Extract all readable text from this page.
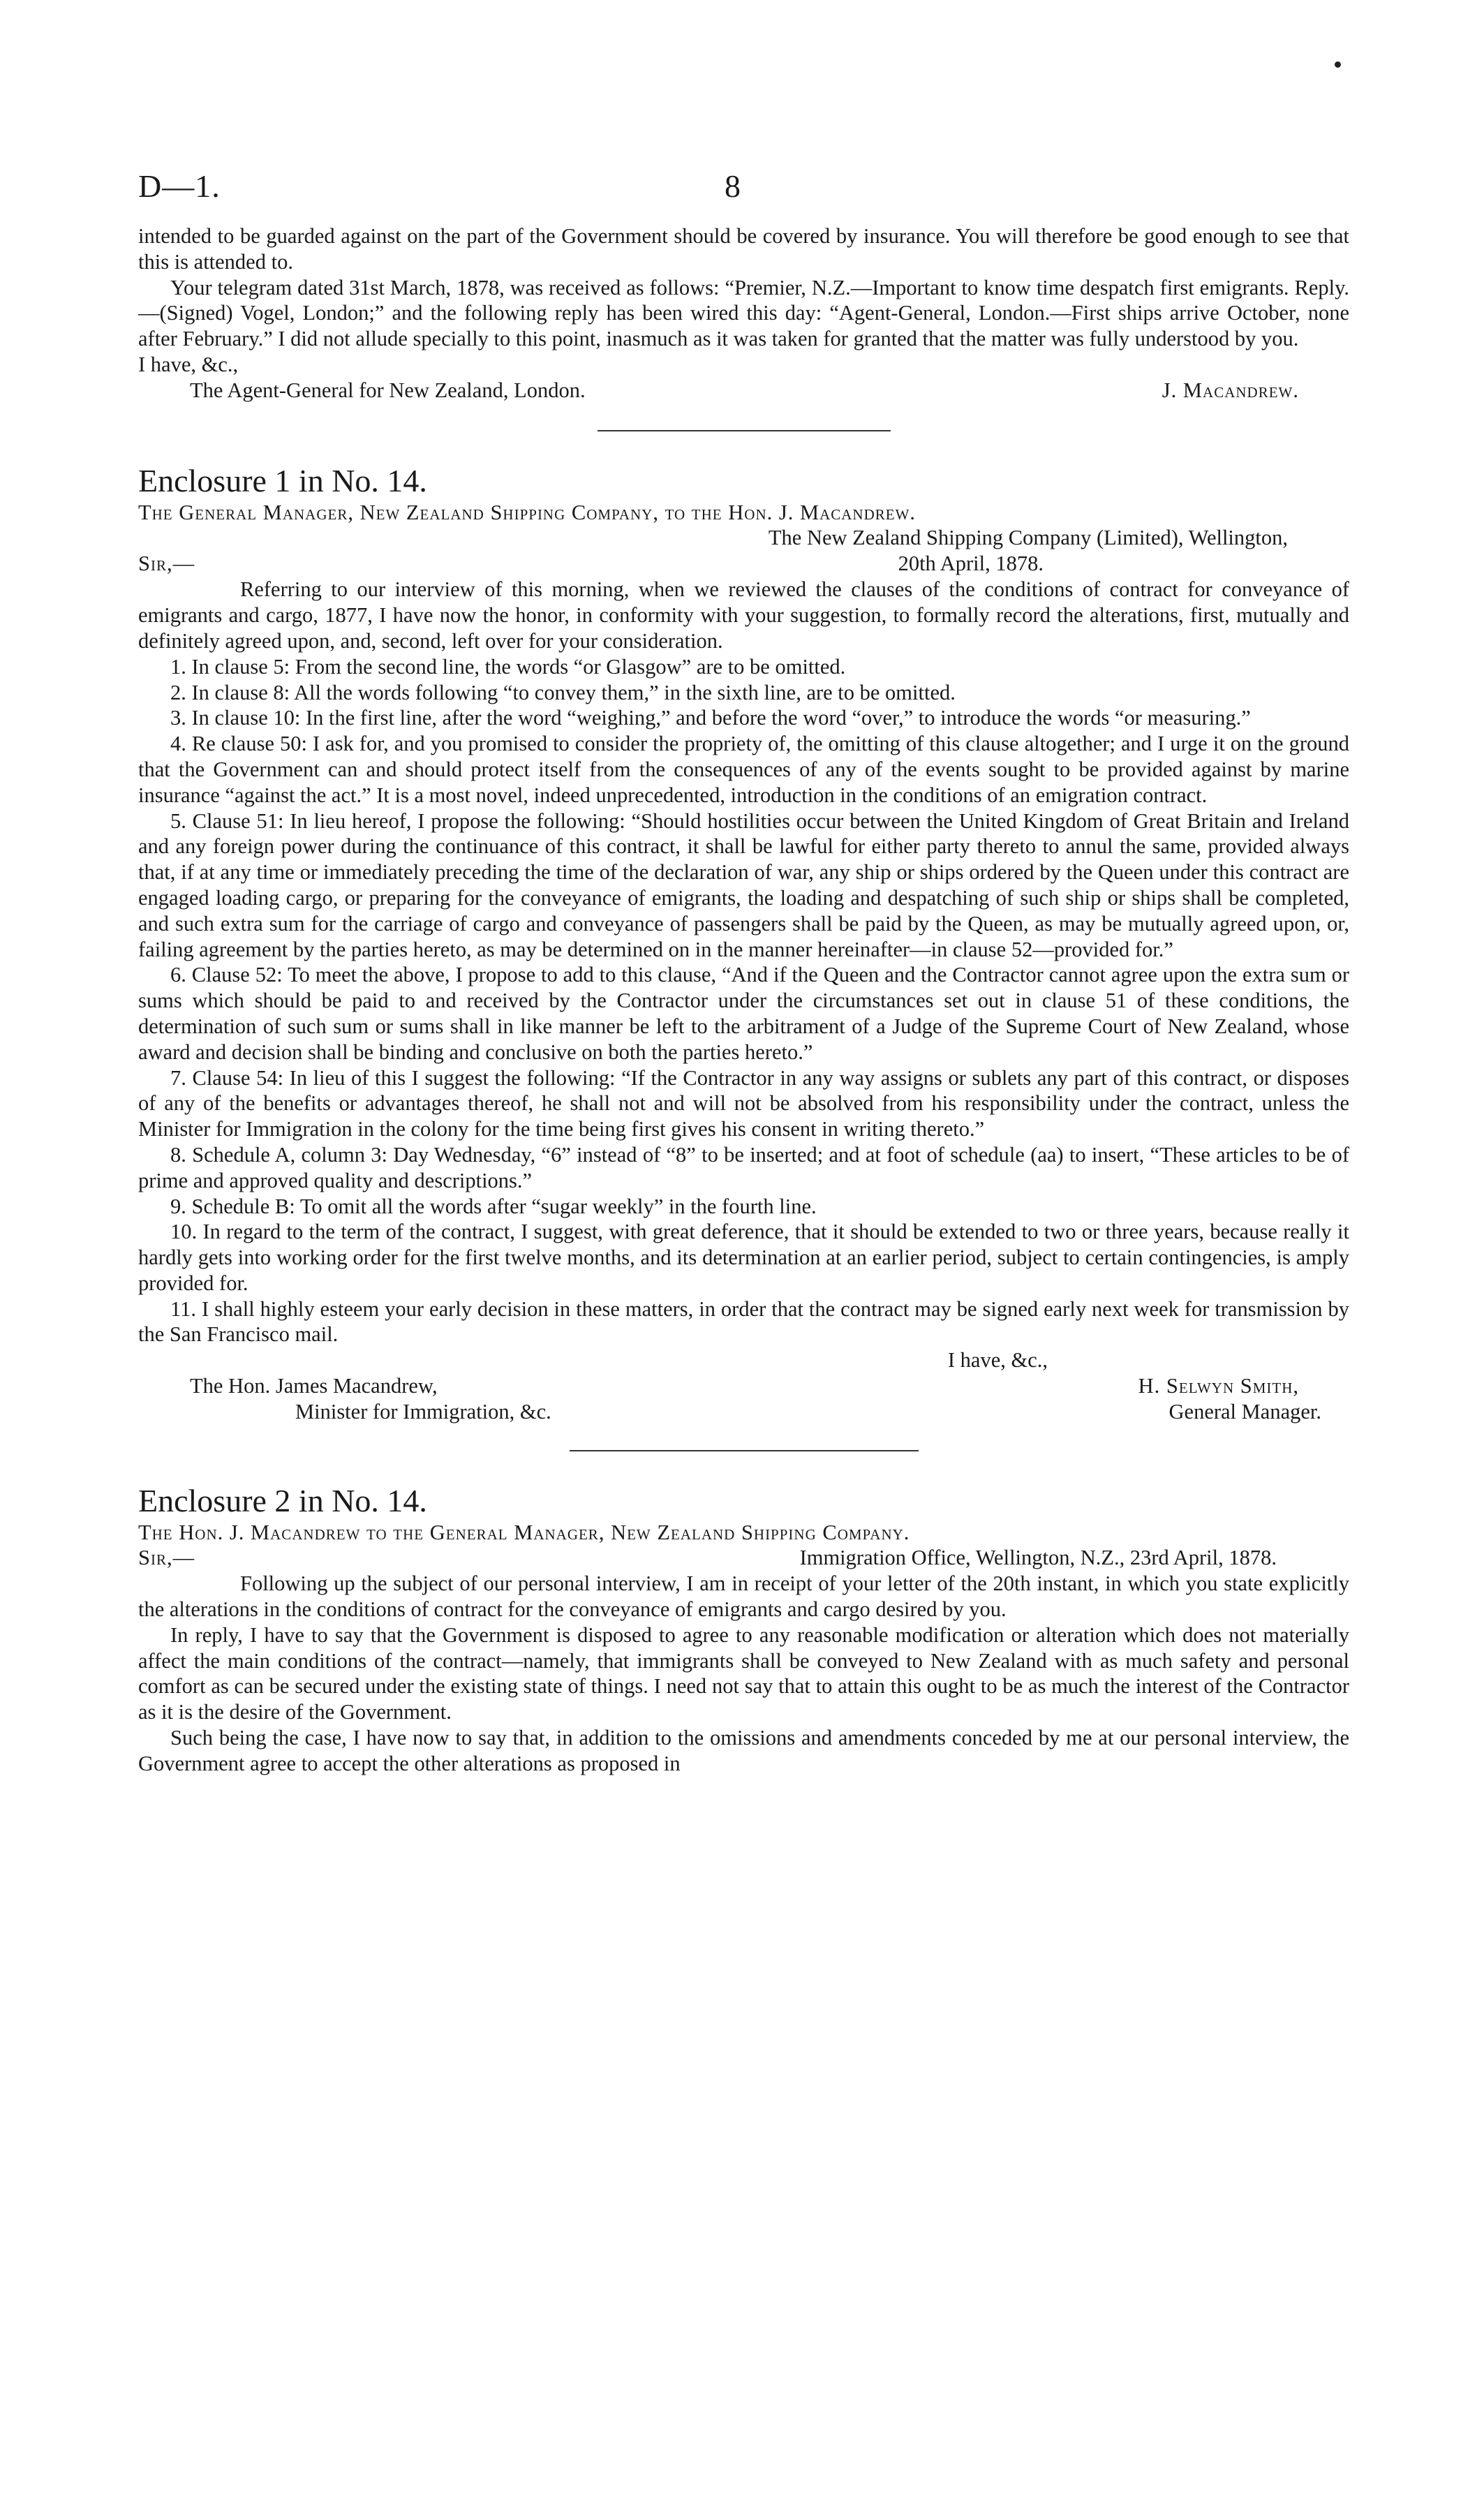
D—1.	8

intended to be guarded against on the part of the Government should be covered by insurance. You will therefore be good enough to see that this is attended to.

Your telegram dated 31st March, 1878, was received as follows: “Premier, N.Z.—Important to know time despatch first emigrants. Reply.—(Signed) Vogel, London;” and the following reply has been wired this day: “Agent-General, London.—First ships arrive October, none after February.” I did not allude specially to this point, inasmuch as it was taken for granted that the matter was fully understood by you.

I have, &c.,

The Agent-General for New Zealand, London.	J. Macandrew.

Enclosure 1 in No. 14.

The General Manager, New Zealand Shipping Company, to the Hon. J. Macandrew.

Sir,—
The New Zealand Shipping Company (Limited), Wellington,
20th April, 1878.

Referring to our interview of this morning, when we reviewed the clauses of the conditions of contract for conveyance of emigrants and cargo, 1877, I have now the honor, in conformity with your suggestion, to formally record the alterations, first, mutually and definitely agreed upon, and, second, left over for your consideration.

1. In clause 5: From the second line, the words “or Glasgow” are to be omitted.

2. In clause 8: All the words following “to convey them,” in the sixth line, are to be omitted.

3. In clause 10: In the first line, after the word “weighing,” and before the word “over,” to introduce the words “or measuring.”

4. Re clause 50: I ask for, and you promised to consider the propriety of, the omitting of this clause altogether; and I urge it on the ground that the Government can and should protect itself from the consequences of any of the events sought to be provided against by marine insurance “against the act.” It is a most novel, indeed unprecedented, introduction in the conditions of an emigration contract.

5. Clause 51: In lieu hereof, I propose the following: “Should hostilities occur between the United Kingdom of Great Britain and Ireland and any foreign power during the continuance of this contract, it shall be lawful for either party thereto to annul the same, provided always that, if at any time or immediately preceding the time of the declaration of war, any ship or ships ordered by the Queen under this contract are engaged loading cargo, or preparing for the conveyance of emigrants, the loading and despatching of such ship or ships shall be completed, and such extra sum for the carriage of cargo and conveyance of passengers shall be paid by the Queen, as may be mutually agreed upon, or, failing agreement by the parties hereto, as may be determined on in the manner hereinafter—in clause 52—provided for.”

6. Clause 52: To meet the above, I propose to add to this clause, “And if the Queen and the Contractor cannot agree upon the extra sum or sums which should be paid to and received by the Contractor under the circumstances set out in clause 51 of these conditions, the determination of such sum or sums shall in like manner be left to the arbitrament of a Judge of the Supreme Court of New Zealand, whose award and decision shall be binding and conclusive on both the parties hereto.”

7. Clause 54: In lieu of this I suggest the following: “If the Contractor in any way assigns or sublets any part of this contract, or disposes of any of the benefits or advantages thereof, he shall not and will not be absolved from his responsibility under the contract, unless the Minister for Immigration in the colony for the time being first gives his consent in writing thereto.”

8. Schedule A, column 3: Day Wednesday, “6” instead of “8” to be inserted; and at foot of schedule (aa) to insert, “These articles to be of prime and approved quality and descriptions.”

9. Schedule B: To omit all the words after “sugar weekly” in the fourth line.

10. In regard to the term of the contract, I suggest, with great deference, that it should be extended to two or three years, because really it hardly gets into working order for the first twelve months, and its determination at an earlier period, subject to certain contingencies, is amply provided for.

11. I shall highly esteem your early decision in these matters, in order that the contract may be signed early next week for transmission by the San Francisco mail.

I have, &c.,

The Hon. James Macandrew,	H. Selwyn Smith,
Minister for Immigration, &c.	General Manager.

Enclosure 2 in No. 14.

The Hon. J. Macandrew to the General Manager, New Zealand Shipping Company.

Sir,—	Immigration Office, Wellington, N.Z., 23rd April, 1878.

Following up the subject of our personal interview, I am in receipt of your letter of the 20th instant, in which you state explicitly the alterations in the conditions of contract for the conveyance of emigrants and cargo desired by you.

In reply, I have to say that the Government is disposed to agree to any reasonable modification or alteration which does not materially affect the main conditions of the contract—namely, that immigrants shall be conveyed to New Zealand with as much safety and personal comfort as can be secured under the existing state of things. I need not say that to attain this ought to be as much the interest of the Contractor as it is the desire of the Government.

Such being the case, I have now to say that, in addition to the omissions and amendments conceded by me at our personal interview, the Government agree to accept the other alterations as proposed in
